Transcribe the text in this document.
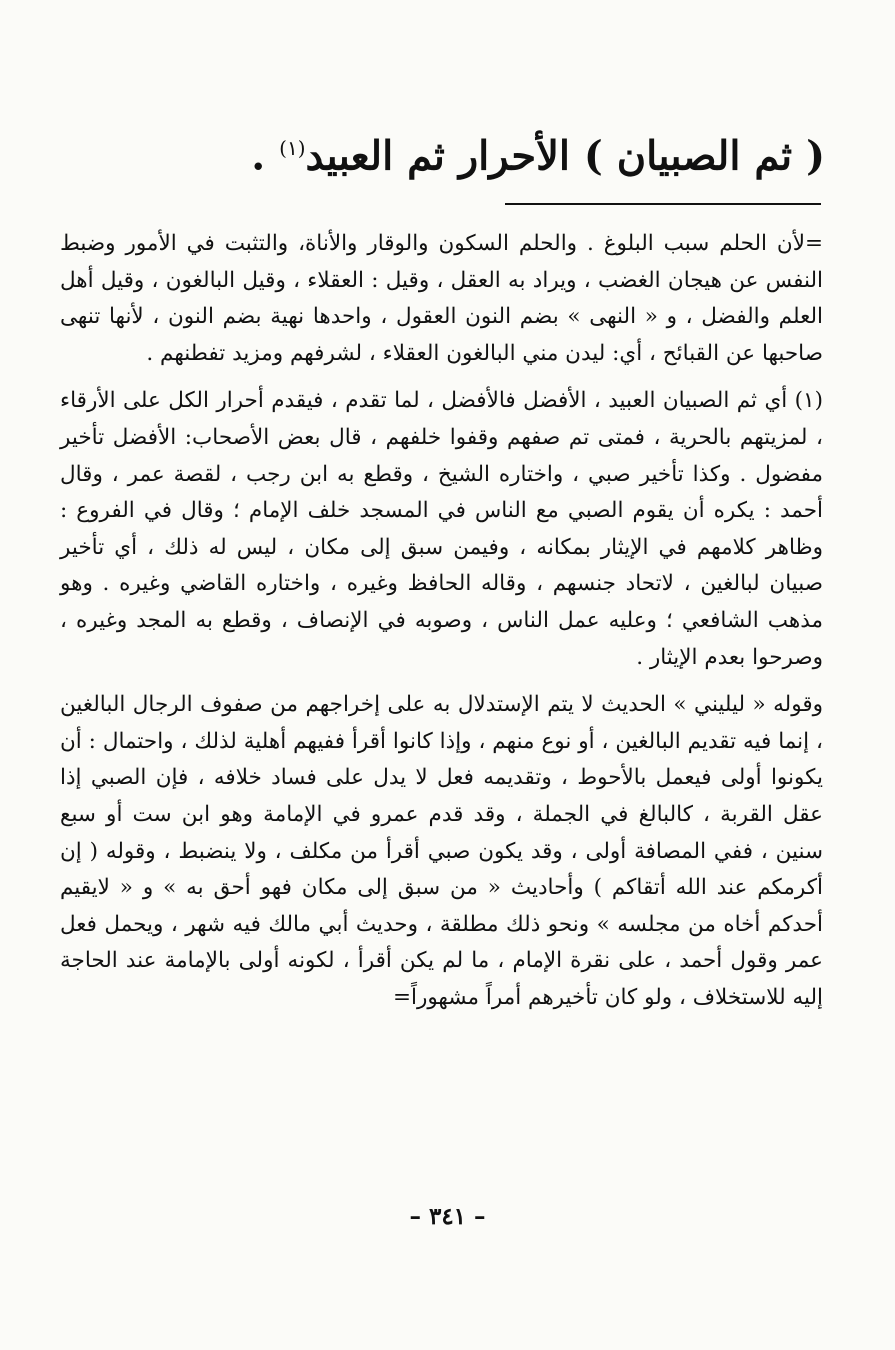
( ثم الصبيان ) الأحرار ثم العبيد$^{(١)}$ .

=لأن الحلم سبب البلوغ . والحلم السكون والوقار والأناة، والتثبت في الأمور وضبط النفس عن هيجان الغضب ، ويراد به العقل ، وقيل : العقلاء ، وقيل البالغون ، وقيل أهل العلم والفضل ، و « النهى » بضم النون العقول ، واحدها نهية بضم النون ، لأنها تنهى صاحبها عن القبائح ، أي: ليدن مني البالغون العقلاء ، لشرفهم ومزيد تفطنهم .

(١) أي ثم الصبيان العبيد ، الأفضل فالأفضل ، لما تقدم ، فيقدم أحرار الكل على الأرقاء ، لمزيتهم بالحرية ، فمتى تم صفهم وقفوا خلفهم ، قال بعض الأصحاب: الأفضل تأخير مفضول . وكذا تأخير صبي ، واختاره الشيخ ، وقطع به ابن رجب ، لقصة عمر ، وقال أحمد : يكره أن يقوم الصبي مع الناس في المسجد خلف الإمام ؛ وقال في الفروع : وظاهر كلامهم في الإيثار بمكانه ، وفيمن سبق إلى مكان ، ليس له ذلك ، أي تأخير صبيان لبالغين ، لاتحاد جنسهم ، وقاله الحافظ وغيره ، واختاره القاضي وغيره . وهو مذهب الشافعي ؛ وعليه عمل الناس ، وصوبه في الإنصاف ، وقطع به المجد وغيره ، وصرحوا بعدم الإيثار .

وقوله « ليليني » الحديث لا يتم الإستدلال به على إخراجهم من صفوف الرجال البالغين ، إنما فيه تقديم البالغين ، أو نوع منهم ، وإذا كانوا أقرأ ففيهم أهلية لذلك ، واحتمال : أن يكونوا أولى فيعمل بالأحوط ، وتقديمه فعل لا يدل على فساد خلافه ، فإن الصبي إذا عقل القربة ، كالبالغ في الجملة ، وقد قدم عمرو في الإمامة وهو ابن ست أو سبع سنين ، ففي المصافة أولى ، وقد يكون صبي أقرأ من مكلف ، ولا ينضبط ، وقوله ( إن أكرمكم عند الله أتقاكم ) وأحاديث « من سبق إلى مكان فهو أحق به » و « لايقيم أحدكم أخاه من مجلسه » ونحو ذلك مطلقة ، وحديث أبي مالك فيه شهر ، ويحمل فعل عمر وقول أحمد ، على نقرة الإمام ، ما لم يكن أقرأ ، لكونه أولى بالإمامة عند الحاجة إليه للاستخلاف ، ولو كان تأخيرهم أمراً مشهوراً=

– ٣٤١ –
